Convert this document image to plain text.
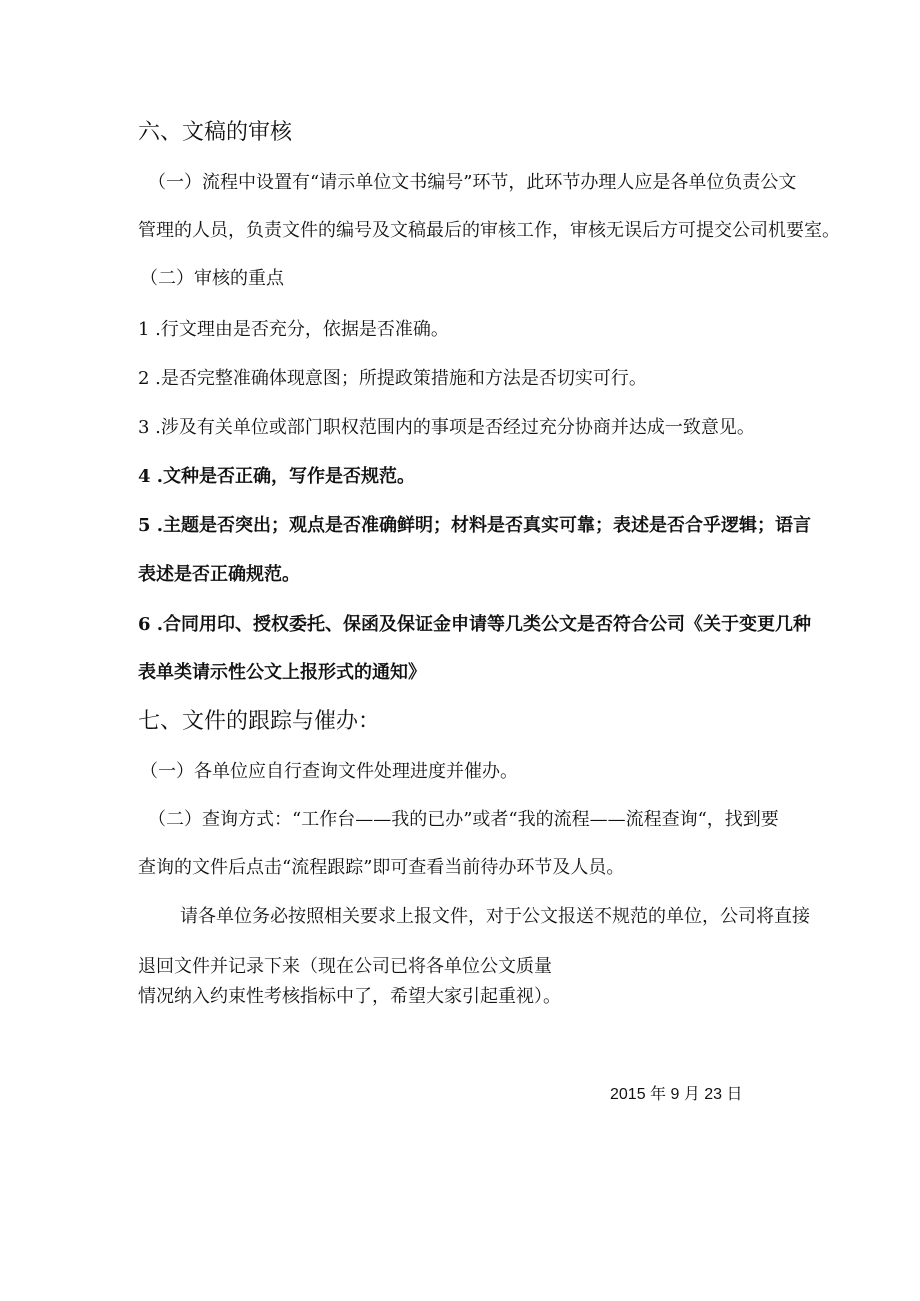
六、文稿的审核
（一）流程中设置有“请示单位文书编号”环节，此环节办理人应是各单位负责公文
管理的人员，负责文件的编号及文稿最后的审核工作，审核无误后方可提交公司机要室。
（二）审核的重点
1 .行文理由是否充分，依据是否准确。
2 .是否完整准确体现意图；所提政策措施和方法是否切实可行。
3 .涉及有关单位或部门职权范围内的事项是否经过充分协商并达成一致意见。
4 .文种是否正确，写作是否规范。
5 .主题是否突出；观点是否准确鲜明；材料是否真实可靠；表述是否合乎逻辑；语言
表述是否正确规范。
6 .合同用印、授权委托、保函及保证金申请等几类公文是否符合公司《关于变更几种
表单类请示性公文上报形式的通知》
七、文件的跟踪与催办：
（一）各单位应自行查询文件处理进度并催办。
（二）查询方式：“工作台——我的已办”或者“我的流程——流程查询“，找到要
查询的文件后点击“流程跟踪”即可查看当前待办环节及人员。
请各单位务必按照相关要求上报文件，对于公文报送不规范的单位，公司将直接
退回文件并记录下来（现在公司已将各单位公文质量
情况纳入约束性考核指标中了，希望大家引起重视）。
2015 年 9 月 23 日
